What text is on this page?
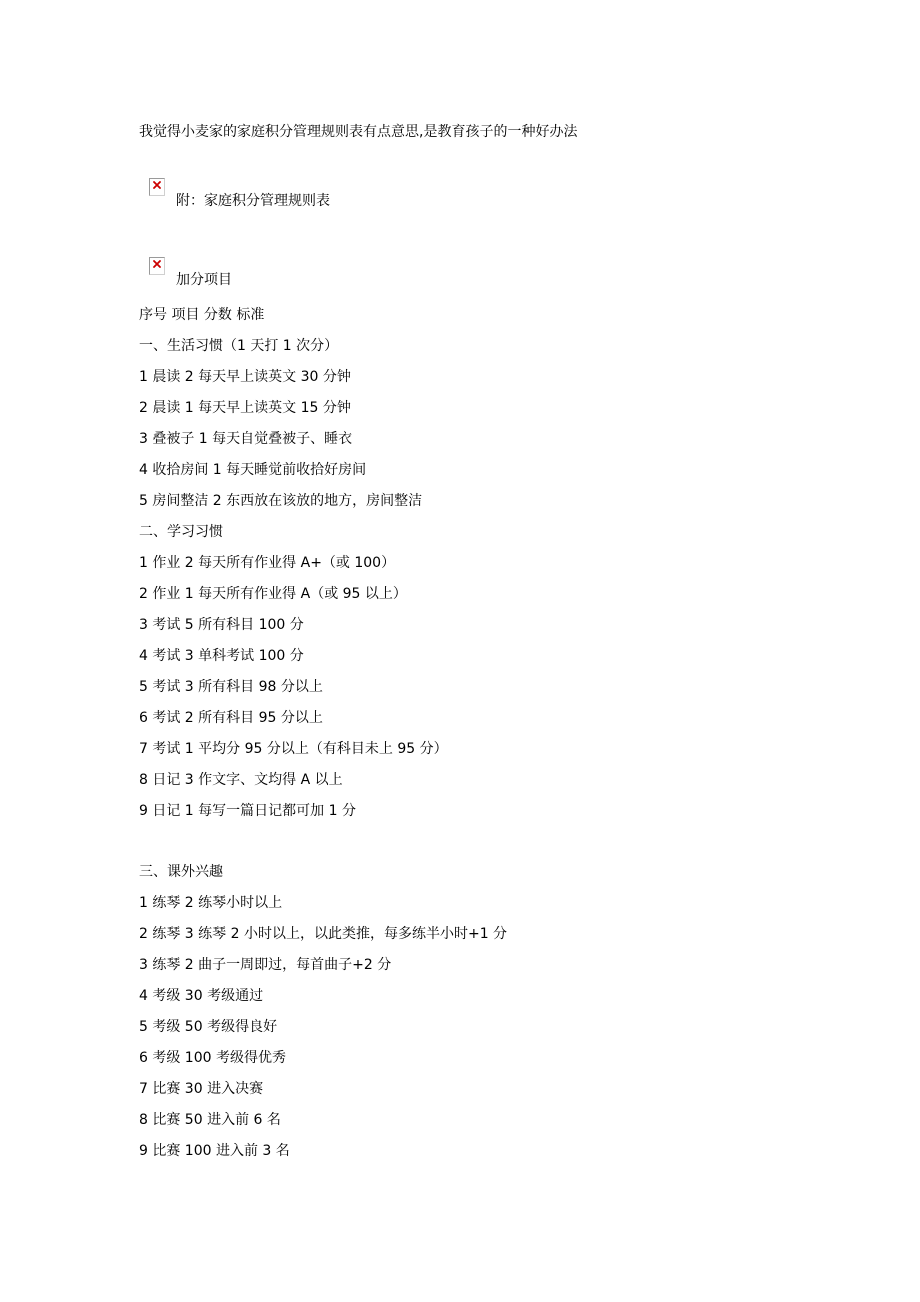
我觉得小麦家的家庭积分管理规则表有点意思,是教育孩子的一种好办法
附：家庭积分管理规则表
加分项目
序号 项目 分数 标准
一、生活习惯（1 天打 1 次分）
1 晨读 2 每天早上读英文 30 分钟
2 晨读 1 每天早上读英文 15 分钟
3 叠被子 1 每天自觉叠被子、睡衣
4 收拾房间 1 每天睡觉前收拾好房间
5 房间整洁 2 东西放在该放的地方，房间整洁
二、学习习惯
1 作业 2 每天所有作业得 A+（或 100）
2 作业 1 每天所有作业得 A（或 95 以上）
3 考试 5 所有科目 100 分
4 考试 3 单科考试 100 分
5 考试 3 所有科目 98 分以上
6 考试 2 所有科目 95 分以上
7 考试 1 平均分 95 分以上（有科目未上 95 分）
8 日记 3 作文字、文均得 A 以上
9 日记 1 每写一篇日记都可加 1 分
三、课外兴趣
1 练琴 2 练琴小时以上
2 练琴 3 练琴 2 小时以上，以此类推，每多练半小时+1 分
3 练琴 2 曲子一周即过，每首曲子+2 分
4 考级 30 考级通过
5 考级 50 考级得良好
6 考级 100 考级得优秀
7 比赛 30 进入决赛
8 比赛 50 进入前 6 名
9 比赛 100 进入前 3 名
